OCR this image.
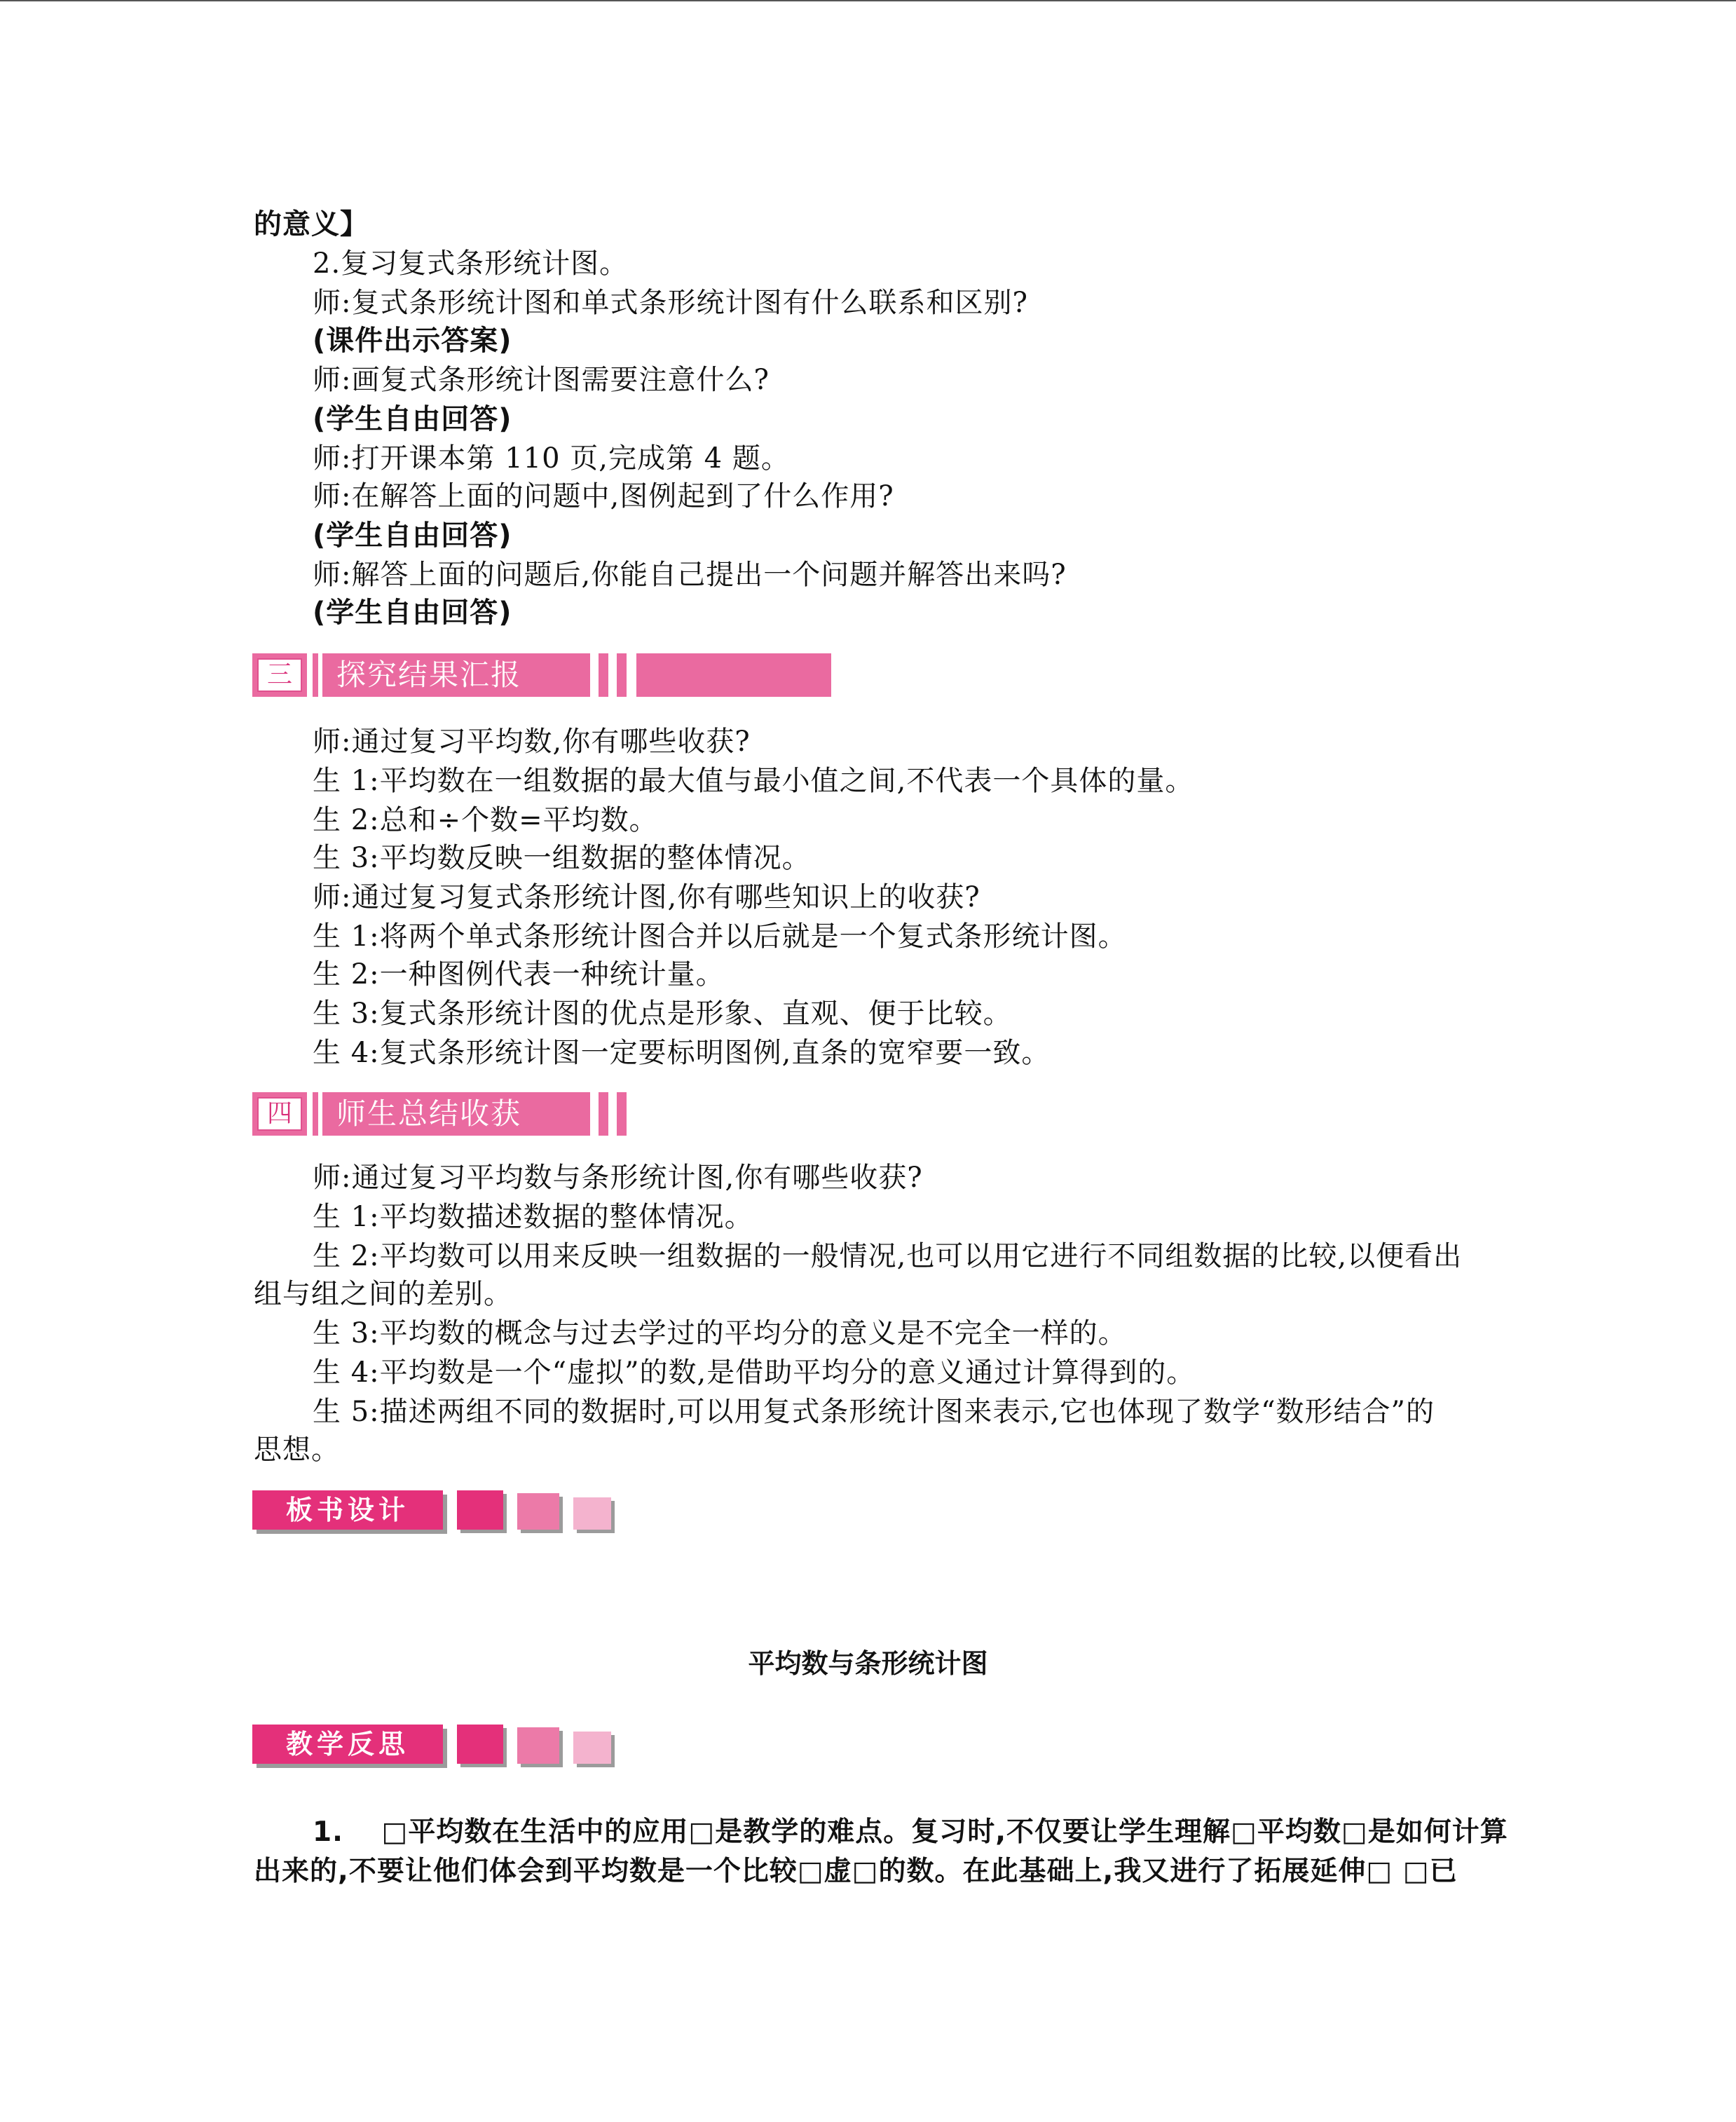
的意义】
2.复习复式条形统计图。
师:复式条形统计图和单式条形统计图有什么联系和区别?
(课件出示答案)
师:画复式条形统计图需要注意什么?
(学生自由回答)
师:打开课本第 110 页,完成第 4 题。
师:在解答上面的问题中,图例起到了什么作用?
(学生自由回答)
师:解答上面的问题后,你能自己提出一个问题并解答出来吗?
(学生自由回答)
三	探究结果汇报
师:通过复习平均数,你有哪些收获?
生 1:平均数在一组数据的最大值与最小值之间,不代表一个具体的量。
生 2:总和÷个数=平均数。
生 3:平均数反映一组数据的整体情况。
师:通过复习复式条形统计图,你有哪些知识上的收获?
生 1:将两个单式条形统计图合并以后就是一个复式条形统计图。
生 2:一种图例代表一种统计量。
生 3:复式条形统计图的优点是形象、直观、便于比较。
生 4:复式条形统计图一定要标明图例,直条的宽窄要一致。
四	师生总结收获
师:通过复习平均数与条形统计图,你有哪些收获?
生 1:平均数描述数据的整体情况。
生 2:平均数可以用来反映一组数据的一般情况,也可以用它进行不同组数据的比较,以便看出
组与组之间的差别。
生 3:平均数的概念与过去学过的平均分的意义是不完全一样的。
生 4:平均数是一个“虚拟”的数,是借助平均分的意义通过计算得到的。
生 5:描述两组不同的数据时,可以用复式条形统计图来表示,它也体现了数学“数形结合”的
思想。
板书设计
平均数与条形统计图
教学反思
1.　 □平均数在生活中的应用□是教学的难点。复习时,不仅要让学生理解□平均数□是如何计算
出来的,不要让他们体会到平均数是一个比较□虚□的数。在此基础上,我又进行了拓展延伸□ □已
